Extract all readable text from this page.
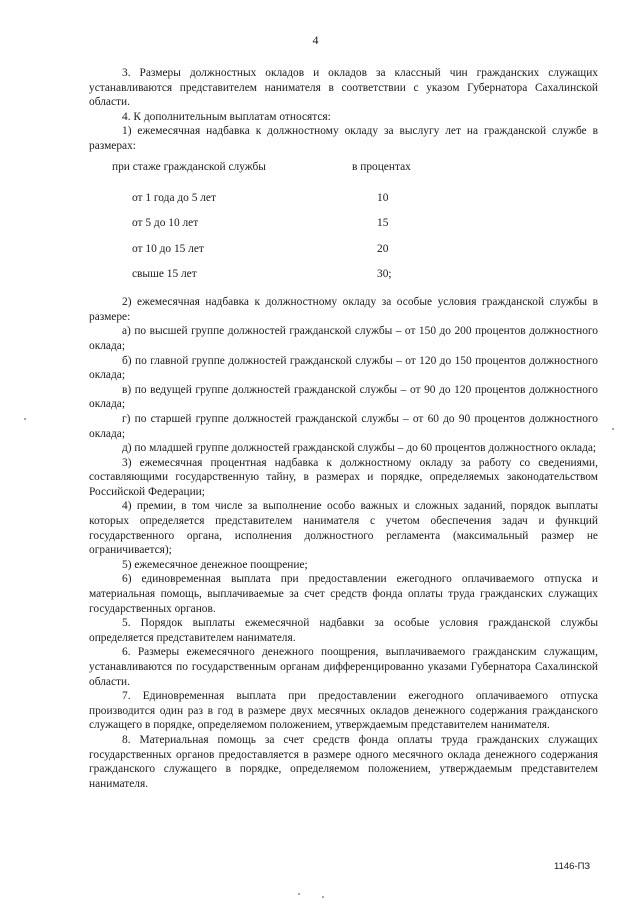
4

3. Размеры должностных окладов и окладов за классный чин гражданских служащих устанавливаются представителем нанимателя в соответствии с указом Губернатора Сахалинской области.

4. К дополнительным выплатам относятся:

1) ежемесячная надбавка к должностному окладу за выслугу лет на гражданской службе в размерах:

при стаже гражданской службы	в процентах
от 1 года до 5 лет	10
от 5 до 10 лет	15
от 10 до 15 лет	20
свыше 15 лет	30;

2) ежемесячная надбавка к должностному окладу за особые условия гражданской службы в размере:

а) по высшей группе должностей гражданской службы – от 150 до 200 процентов должностного оклада;

б) по главной группе должностей гражданской службы – от 120 до 150 процентов должностного оклада;

в) по ведущей группе должностей гражданской службы – от 90 до 120 процентов должностного оклада;

г) по старшей группе должностей гражданской службы – от 60 до 90 процентов должностного оклада;

д) по младшей группе должностей гражданской службы – до 60 процентов должностного оклада;

3) ежемесячная процентная надбавка к должностному окладу за работу со сведениями, составляющими государственную тайну, в размерах и порядке, определяемых законодательством Российской Федерации;

4) премии, в том числе за выполнение особо важных и сложных заданий, порядок выплаты которых определяется представителем нанимателя с учетом обеспечения задач и функций государственного органа, исполнения должностного регламента (максимальный размер не ограничивается);

5) ежемесячное денежное поощрение;

6) единовременная выплата при предоставлении ежегодного оплачиваемого отпуска и материальная помощь, выплачиваемые за счет средств фонда оплаты труда гражданских служащих государственных органов.

5. Порядок выплаты ежемесячной надбавки за особые условия гражданской службы определяется представителем нанимателя.

6. Размеры ежемесячного денежного поощрения, выплачиваемого гражданским служащим, устанавливаются по государственным органам дифференцированно указами Губернатора Сахалинской области.

7. Единовременная выплата при предоставлении ежегодного оплачиваемого отпуска производится один раз в год в размере двух месячных окладов денежного содержания гражданского служащего в порядке, определяемом положением, утверждаемым представителем нанимателя.

8. Материальная помощь за счет средств фонда оплаты труда гражданских служащих государственных органов предоставляется в размере одного месячного оклада денежного содержания гражданского служащего в порядке, определяемом положением, утверждаемым представителем нанимателя.

1146-ПЗ
